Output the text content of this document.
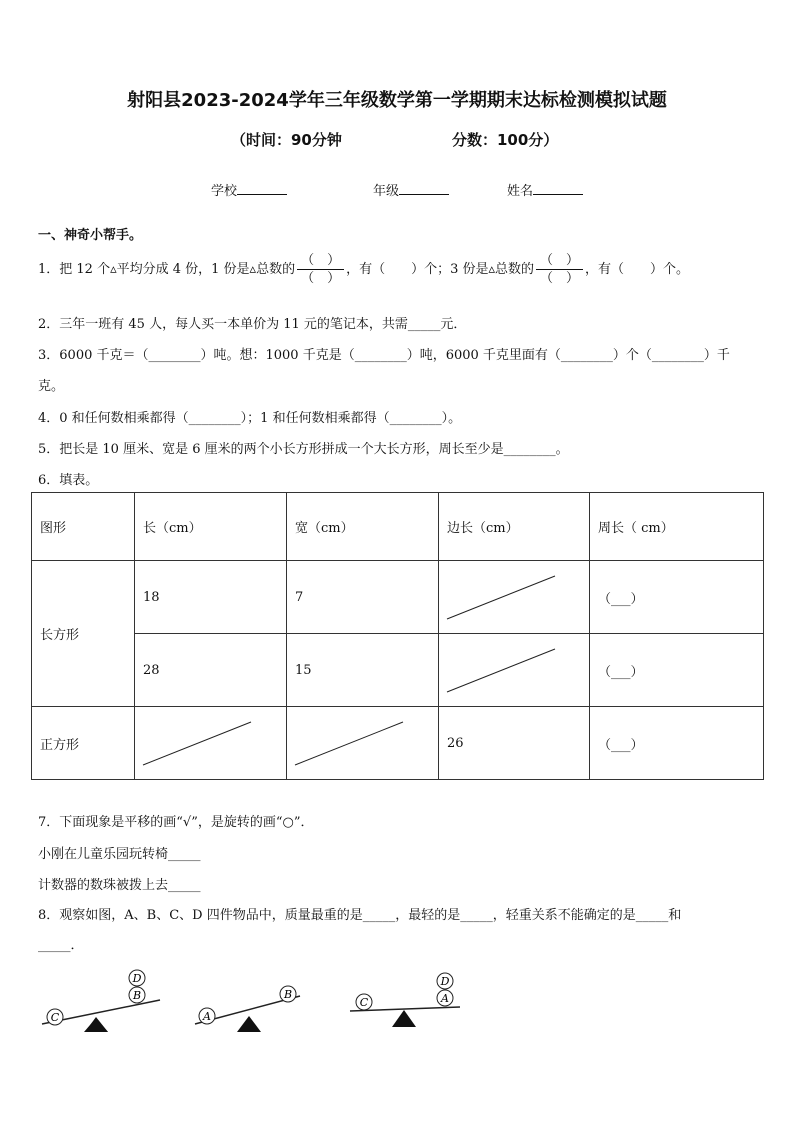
射阳县2023-2024学年三年级数学第一学期期末达标检测模拟试题
（时间：90分钟	分数：100分）
学校	年级	姓名
一、神奇小帮手。
1．把 12 个▵平均分成 4 份，1 份是▵总数的 $\frac{( )}{( )}$ ，有（　　）个；3 份是▵总数的 $\frac{( )}{( )}$ ，有（　　）个。
2．三年一班有 45 人，每人买一本单价为 11 元的笔记本，共需_____元．
3．6000 千克＝（________）吨。想：1000 千克是（________）吨，6000 千克里面有（________）个（________）千
克。
4．0 和任何数相乘都得（________）；1 和任何数相乘都得（________）。
5．把长是 10 厘米、宽是 6 厘米的两个小长方形拼成一个大长方形，周长至少是________。
6．填表。
图形	长（cm）	宽（cm）	边长（cm）	周长（ cm）
长方形	18	7		（___）
	28	15		（___）
正方形			26	（___）
7．下面现象是平移的画“√”，是旋转的画“○”．
小刚在儿童乐园玩转椅_____
计数器的数珠被拨上去_____
8．观察如图，A、B、C、D 四件物品中，质量最重的是_____，最轻的是_____，轻重关系不能确定的是_____和
_____．
C
B
D
A
B
C	A
D
